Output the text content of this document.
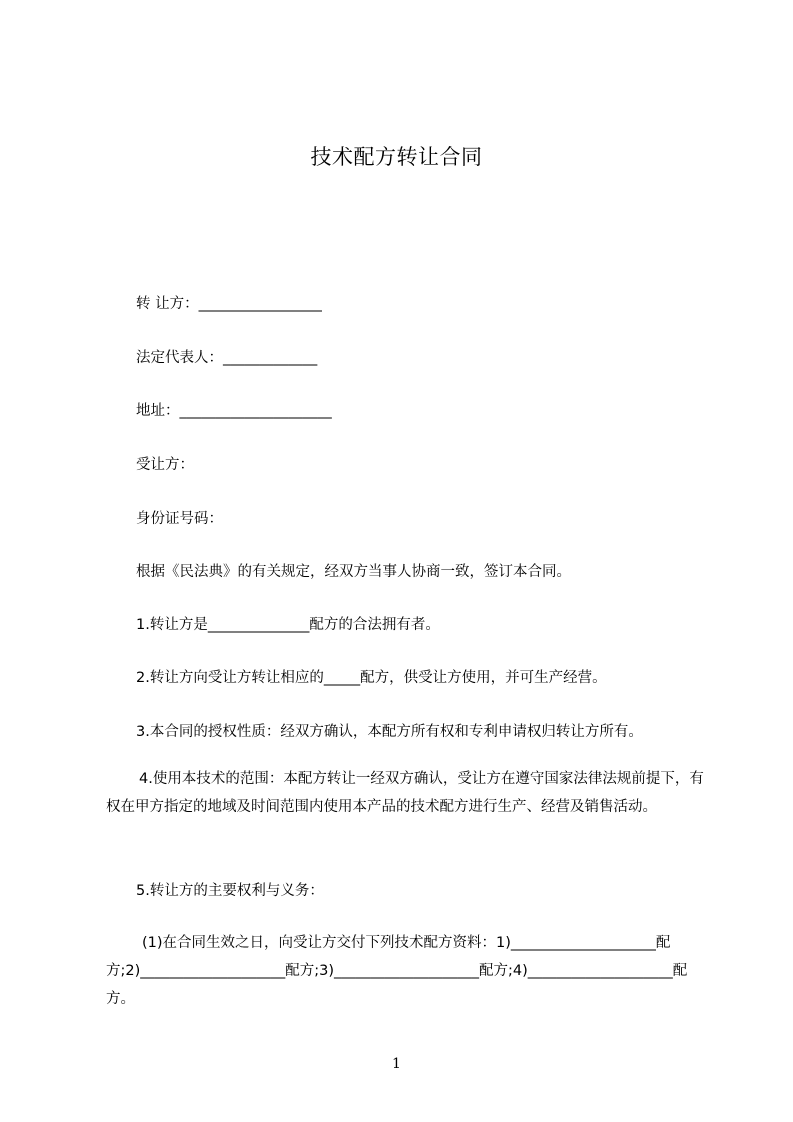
技术配方转让合同
转 让方：_________________
法定代表人：_____________
地址：_____________________
受让方：
身份证号码：
根据《民法典》的有关规定，经双方当事人协商一致，签订本合同。
1.转让方是______________配方的合法拥有者。
2.转让方向受让方转让相应的_____配方，供受让方使用，并可生产经营。
3.本合同的授权性质：经双方确认，本配方所有权和专利申请权归转让方所有。
4.使用本技术的范围：本配方转让一经双方确认，受让方在遵守国家法律法规前提下，有权在甲方指定的地域及时间范围内使用本产品的技术配方进行生产、经营及销售活动。
5.转让方的主要权利与义务：
(1)在合同生效之日，向受让方交付下列技术配方资料：1)____________________配方;2)____________________配方;3)____________________配方;4)____________________配方。
1
